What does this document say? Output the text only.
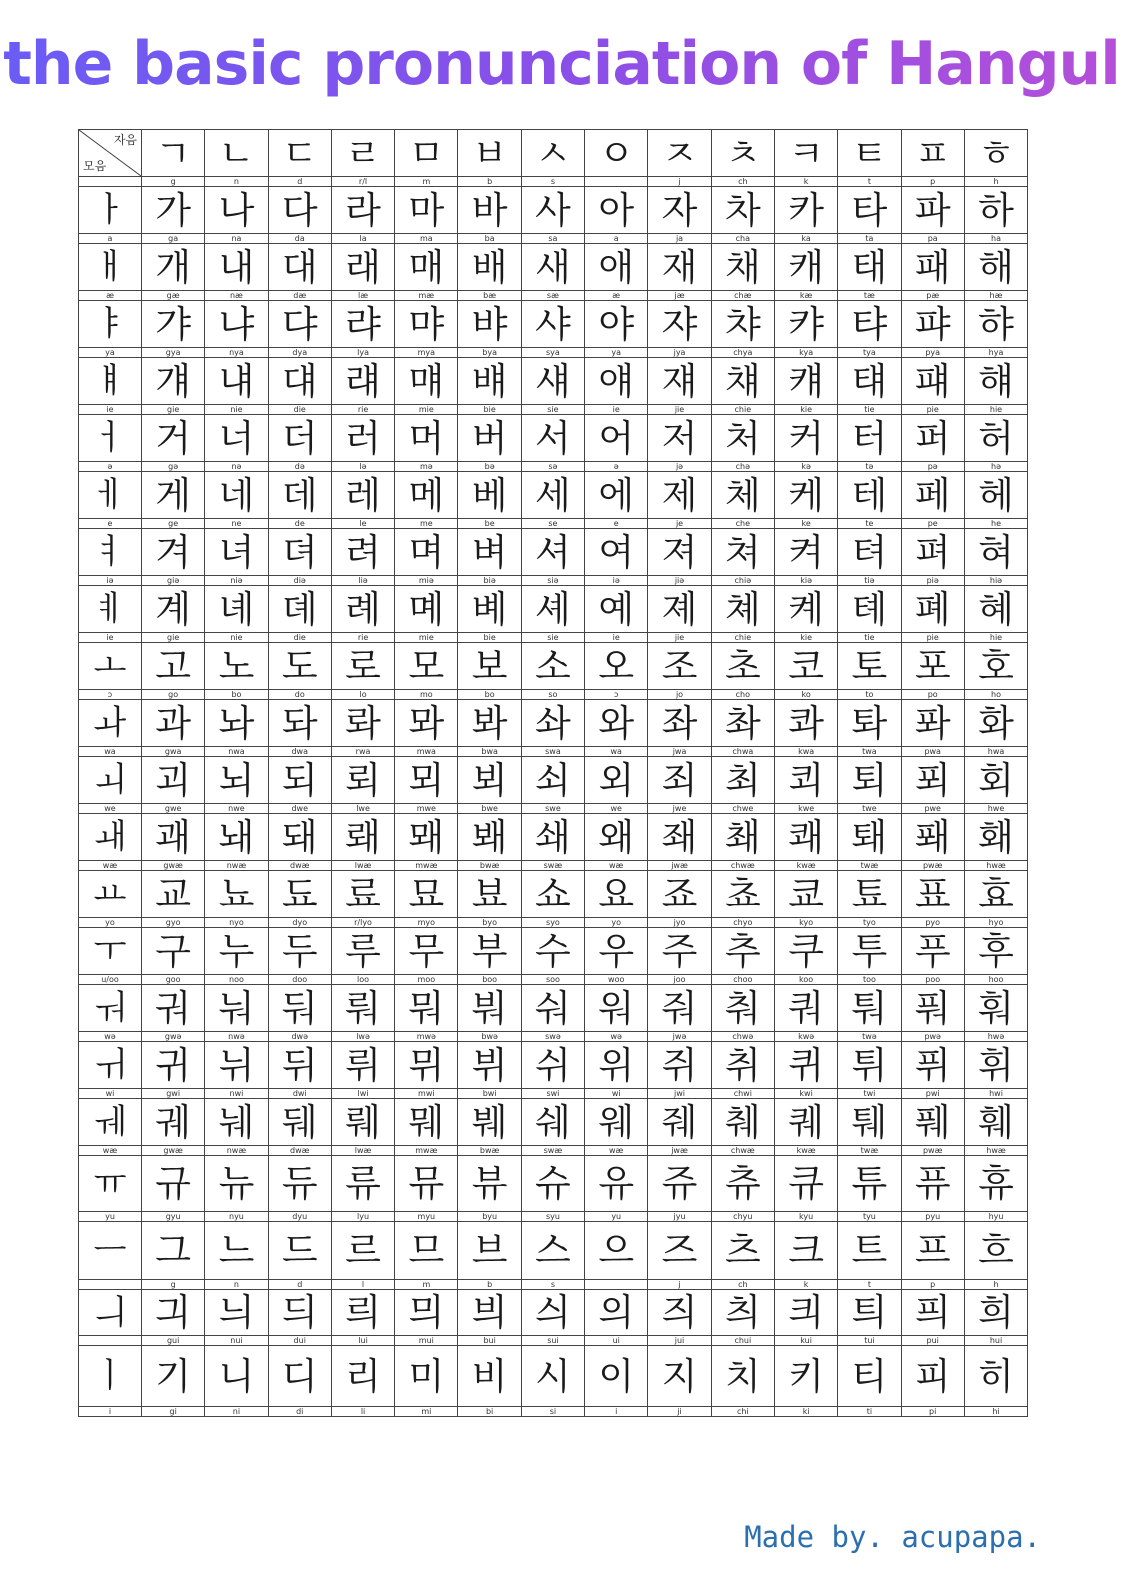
the basic pronunciation of Hangul
자음
모음	ㄱ	ㄴ	ㄷ	ㄹ	ㅁ	ㅂ	ㅅ	ㅇ	ㅈ	ㅊ	ㅋ	ㅌ	ㅍ	ㅎ
	g	n	d	r/l	m	b	s		j	ch	k	t	p	h
ㅏ	가	나	다	라	마	바	사	아	자	차	카	타	파	하
a	ga	na	da	la	ma	ba	sa	a	ja	cha	ka	ta	pa	ha
ㅐ	개	내	대	래	매	배	새	애	재	채	캐	태	패	해
æ	gæ	næ	dæ	læ	mæ	bæ	sæ	æ	jæ	chæ	kæ	tæ	pæ	hæ
ㅑ	갸	냐	댜	랴	먀	뱌	샤	야	쟈	챠	캬	탸	퍄	햐
ya	gya	nya	dya	lya	mya	bya	sya	ya	jya	chya	kya	tya	pya	hya
ㅒ	걔	냬	댸	럐	먜	뱨	섀	얘	쟤	챼	컈	턔	퍠	햬
ie	gie	nie	die	rie	mie	bie	sie	ie	jie	chie	kie	tie	pie	hie
ㅓ	거	너	더	러	머	버	서	어	저	처	커	터	퍼	허
ə	gə	nə	də	lə	mə	bə	sə	ə	jə	chə	kə	tə	pə	hə
ㅔ	게	네	데	레	메	베	세	에	제	체	케	테	페	헤
e	ge	ne	de	le	me	be	se	e	je	che	ke	te	pe	he
ㅕ	겨	녀	뎌	려	며	벼	셔	여	져	쳐	켜	텨	펴	혀
iə	giə	niə	diə	liə	miə	biə	siə	iə	jiə	chiə	kiə	tiə	piə	hiə
ㅖ	계	녜	뎨	례	몌	볘	셰	예	졔	쳬	켸	톄	폐	혜
ie	gie	nie	die	rie	mie	bie	sie	ie	jie	chie	kie	tie	pie	hie
ㅗ	고	노	도	로	모	보	소	오	조	초	코	토	포	호
ɔ	go	bo	do	lo	mo	bo	so	ɔ	jo	cho	ko	to	po	ho
ㅘ	과	놔	돠	롸	뫄	봐	솨	와	좌	촤	콰	톼	퐈	화
wa	gwa	nwa	dwa	rwa	mwa	bwa	swa	wa	jwa	chwa	kwa	twa	pwa	hwa
ㅚ	괴	뇌	되	뢰	뫼	뵈	쇠	외	죄	최	쾨	퇴	푀	회
we	gwe	nwe	dwe	lwe	mwe	bwe	swe	we	jwe	chwe	kwe	twe	pwe	hwe
ㅙ	괘	놰	돼	뢔	뫠	봬	쇄	왜	좨	쵀	쾌	퇘	퐤	홰
wæ	gwæ	nwæ	dwæ	lwæ	mwæ	bwæ	swæ	wæ	jwæ	chwæ	kwæ	twæ	pwæ	hwæ
ㅛ	교	뇨	됴	료	묘	뵤	쇼	요	죠	쵸	쿄	툐	표	효
yo	gyo	nyo	dyo	r/lyo	myo	byo	syo	yo	jyo	chyo	kyo	tyo	pyo	hyo
ㅜ	구	누	두	루	무	부	수	우	주	추	쿠	투	푸	후
u/oo	goo	noo	doo	loo	moo	boo	soo	woo	joo	choo	koo	too	poo	hoo
ㅝ	궈	눠	둬	뤄	뭐	붜	숴	워	줘	춰	쿼	퉈	풔	훠
wə	gwə	nwə	dwə	lwə	mwə	bwə	swə	wə	jwə	chwə	kwə	twə	pwə	hwə
ㅟ	귀	뉘	뒤	뤼	뮈	뷔	쉬	위	쥐	취	퀴	튀	퓌	휘
wi	gwi	nwi	dwi	lwi	mwi	bwi	swi	wi	jwi	chwi	kwi	twi	pwi	hwi
ㅞ	궤	눼	뒈	뤠	뭬	붸	쉐	웨	줴	췌	퀘	퉤	풰	훼
wæ	gwæ	nwæ	dwæ	lwæ	mwæ	bwæ	swæ	wæ	jwæ	chwæ	kwæ	twæ	pwæ	hwæ
ㅠ	규	뉴	듀	류	뮤	뷰	슈	유	쥬	츄	큐	튜	퓨	휴
yu	gyu	nyu	dyu	lyu	myu	byu	syu	yu	jyu	chyu	kyu	tyu	pyu	hyu
ㅡ	그	느	드	르	므	브	스	으	즈	츠	크	트	프	흐
	g	n	d	l	m	b	s		j	ch	k	t	p	h
ㅢ	긔	늬	듸	릐	믜	븨	싀	의	즤	츼	킈	틔	픠	희
	gui	nui	dui	lui	mui	bui	sui	ui	jui	chui	kui	tui	pui	hui
ㅣ	기	니	디	리	미	비	시	이	지	치	키	티	피	히
i	gi	ni	di	li	mi	bi	si	i	ji	chi	ki	ti	pi	hi
Made by. acupapa.
